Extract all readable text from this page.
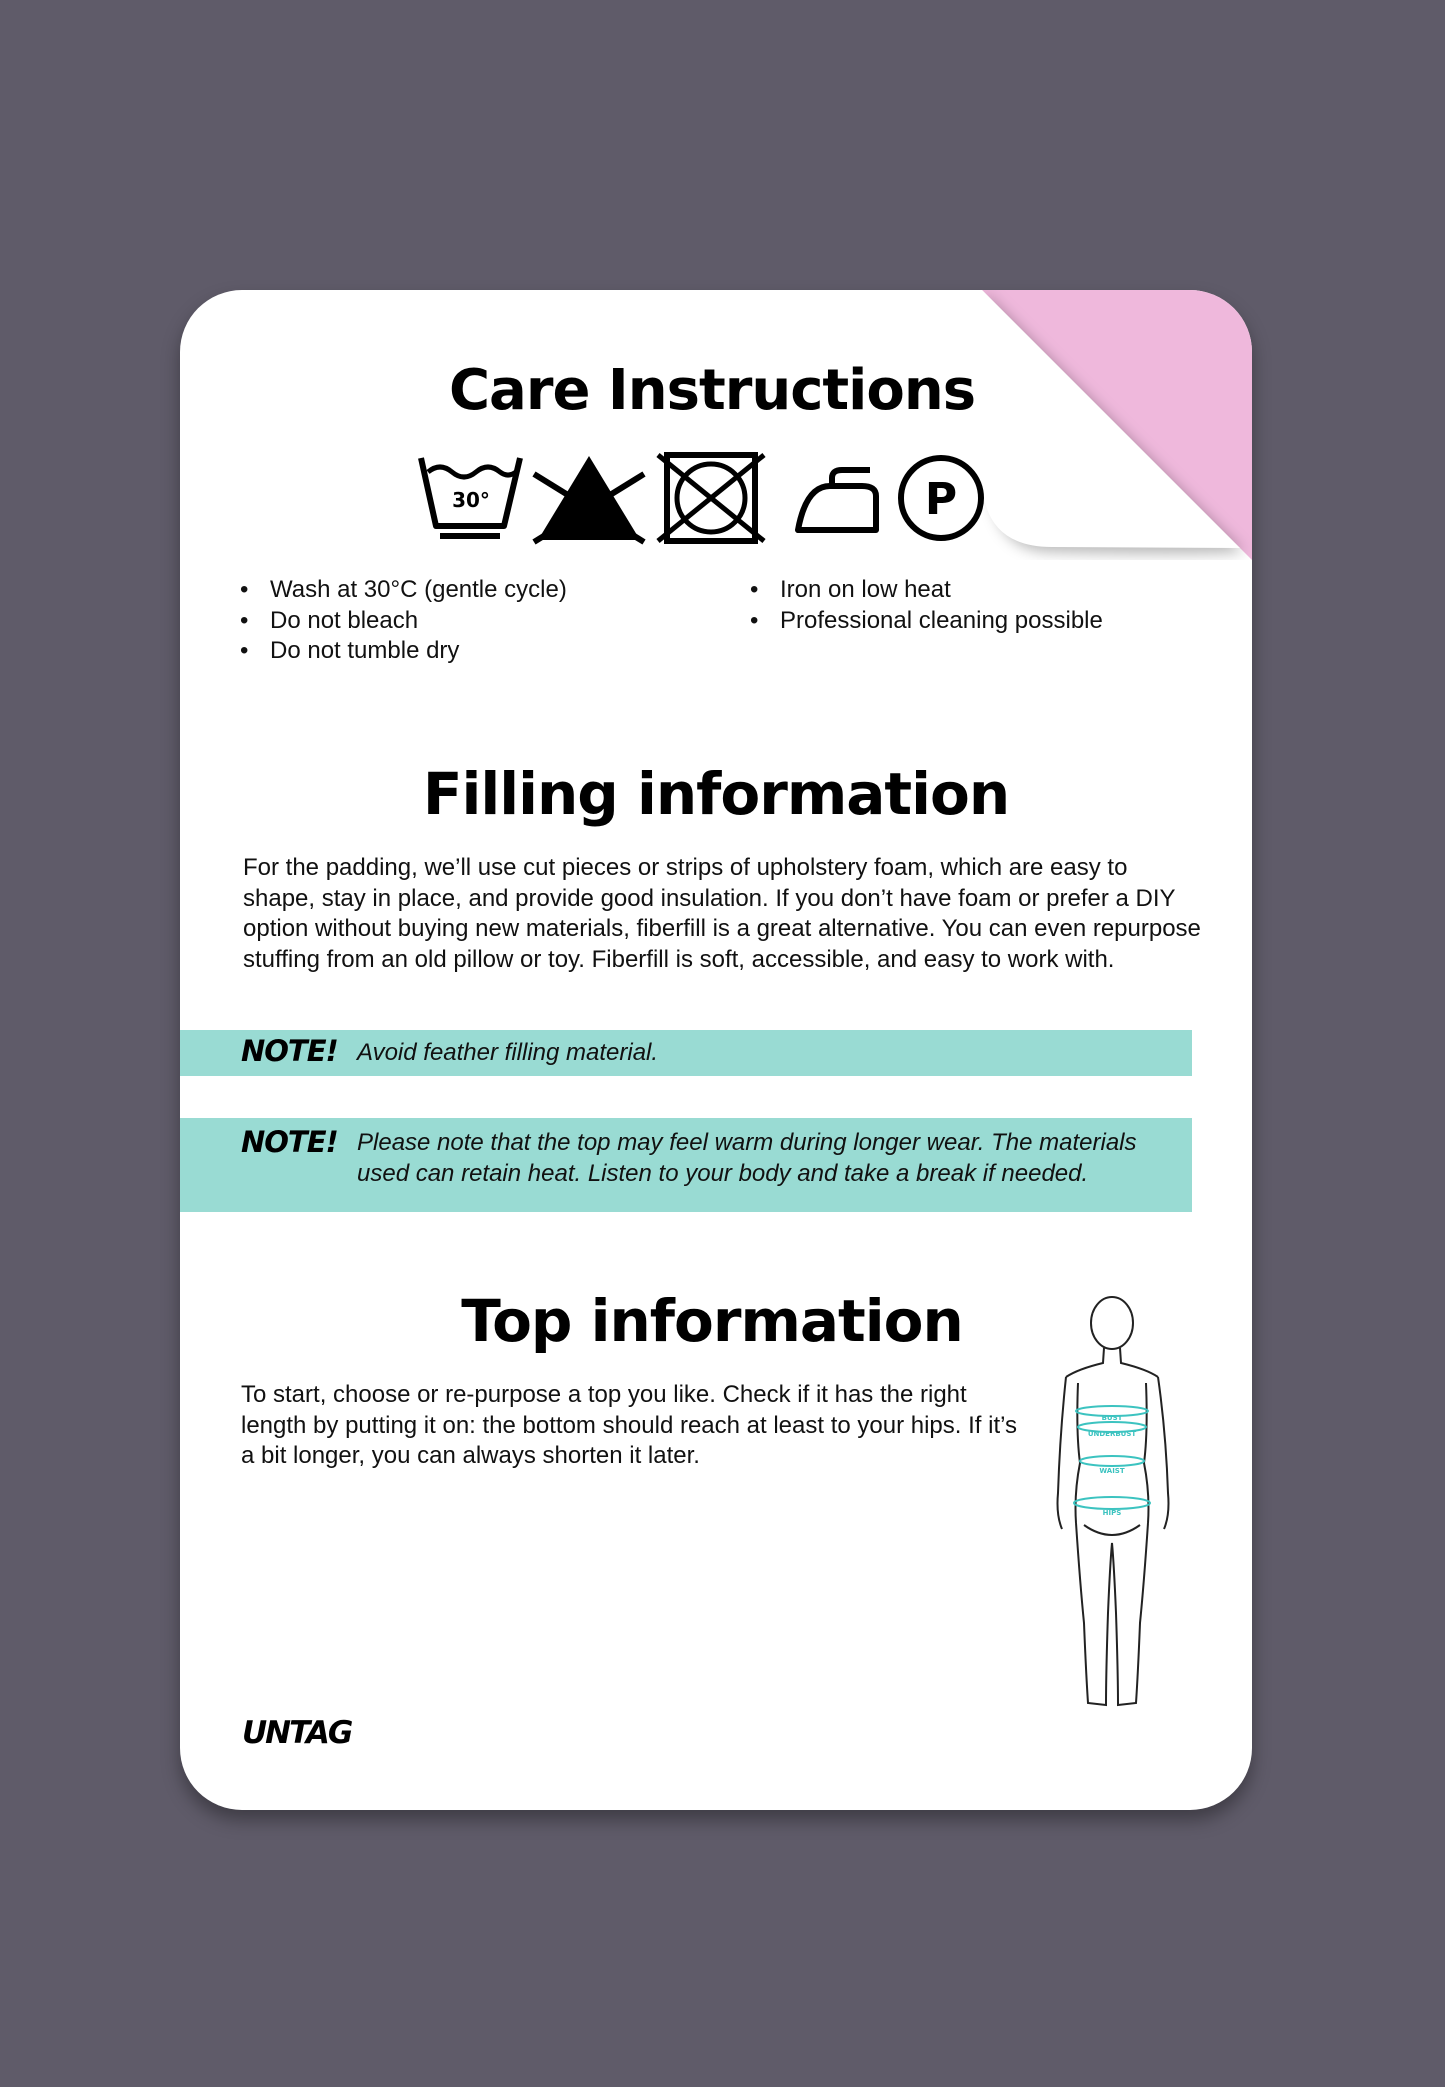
Care Instructions
30°	P
• Wash at 30°C (gentle cycle)
• Do not bleach
• Do not tumble dry
• Iron on low heat
• Professional cleaning possible
Filling information

For the padding, we’ll use cut pieces or strips of upholstery foam, which are easy to shape, stay in place, and provide good insulation. If you don’t have foam or prefer a DIY option without buying new materials, fiberfill is a great alternative. You can even repurpose stuffing from an old pillow or toy. Fiberfill is soft, accessible, and easy to work with.

NOTE! Avoid feather filling material.
NOTE! Please note that the top may feel warm during longer wear. The materials used can retain heat. Listen to your body and take a break if needed.
Top information

To start, choose or re-purpose a top you like. Check if it has the right length by putting it on: the bottom should reach at least to your hips. If it’s a bit longer, you can always shorten it later.

BUST
UNDERBUST
WAIST
HIPS
UNTAG
